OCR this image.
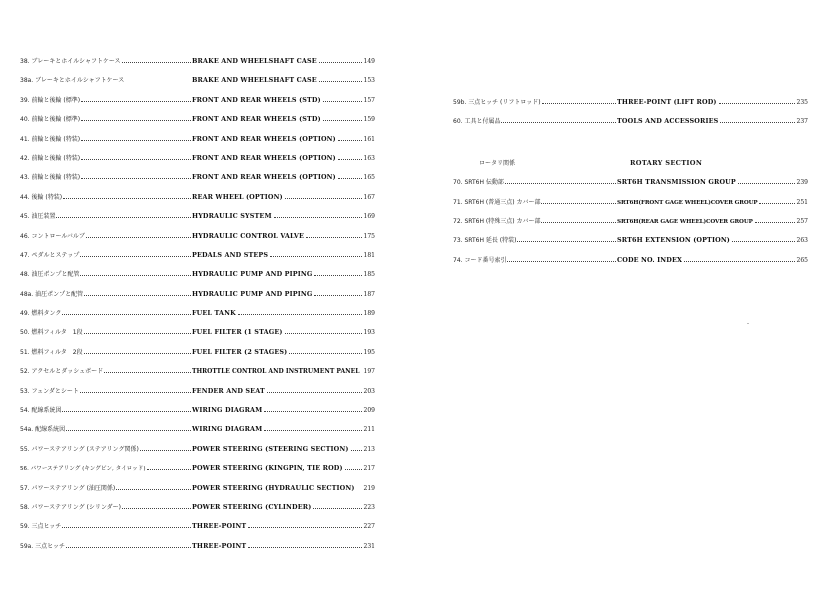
38. ブレーキとホイルシャフトケース	BRAKE AND WHEELSHAFT CASE	149
38a. ブレーキとホイルシャフトケース	BRAKE AND WHEELSHAFT CASE	153
39. 前輪と後輪 (標準)	FRONT AND REAR WHEELS (STD)	157
40. 前輪と後輪 (標準)	FRONT AND REAR WHEELS (STD)	159
41. 前輪と後輪 (特装)	FRONT AND REAR WHEELS (OPTION)	161
42. 前輪と後輪 (特装)	FRONT AND REAR WHEELS (OPTION)	163
43. 前輪と後輪 (特装)	FRONT AND REAR WHEELS (OPTION)	165
44. 後輪 (特装)	REAR WHEEL (OPTION)	167
45. 油圧装置	HYDRAULIC SYSTEM	169
46. コントロールバルブ	HYDRAULIC CONTROL VALVE	175
47. ペダルとステップ	PEDALS AND STEPS	181
48. 油圧ポンプと配管	HYDRAULIC PUMP AND PIPING	185
48a. 油圧ポンプと配管	HYDRAULIC PUMP AND PIPING	187
49. 燃料タンク	FUEL TANK	189
50. 燃料フィルタ　1段	FUEL FILTER (1 STAGE)	193
51. 燃料フィルタ　2段	FUEL FILTER (2 STAGES)	195
52. アクセルとダッシュボード	THROTTLE CONTROL AND INSTRUMENT PANEL 197
53. フェンダとシート	FENDER AND SEAT	203
54. 配線系統図	WIRING DIAGRAM	209
54a. 配線系統図	WIRING DIAGRAM	211
55. パワーステアリング (ステアリング関係)	POWER STEERING (STEERING SECTION) 213
56. パワーステアリング (キングピン, タイロッド)	POWER STEERING (KINGPIN, TIE ROD)	217
57. パワーステアリング (油圧関係)	POWER STEERING (HYDRAULIC SECTION) 219
58. パワーステアリング (シリンダー)	POWER STEERING (CYLINDER)	223
59. 三点ヒッチ	THREE-POINT	227
59a. 三点ヒッチ	THREE-POINT	231
59b. 三点ヒッチ (リフトロッド)	THREE-POINT (LIFT ROD)	235
60. 工具と付属品	TOOLS AND ACCESSORIES	237
ロータリ関係	ROTARY SECTION
70. SRT6H 伝動部	SRT6H TRANSMISSION GROUP	239
71. SRT6H (普通三点) カバー部	SRT6H(FRONT GAGE WHEEL)COVER GROUP	251
72. SRT6H (特殊三点) カバー部	SRT6H(REAR GAGE WHEEL)COVER GROUP	257
73. SRT6H 延長 (特装)	SRT6H EXTENSION (OPTION)	263
74. コード番号索引	CODE NO. INDEX	265
